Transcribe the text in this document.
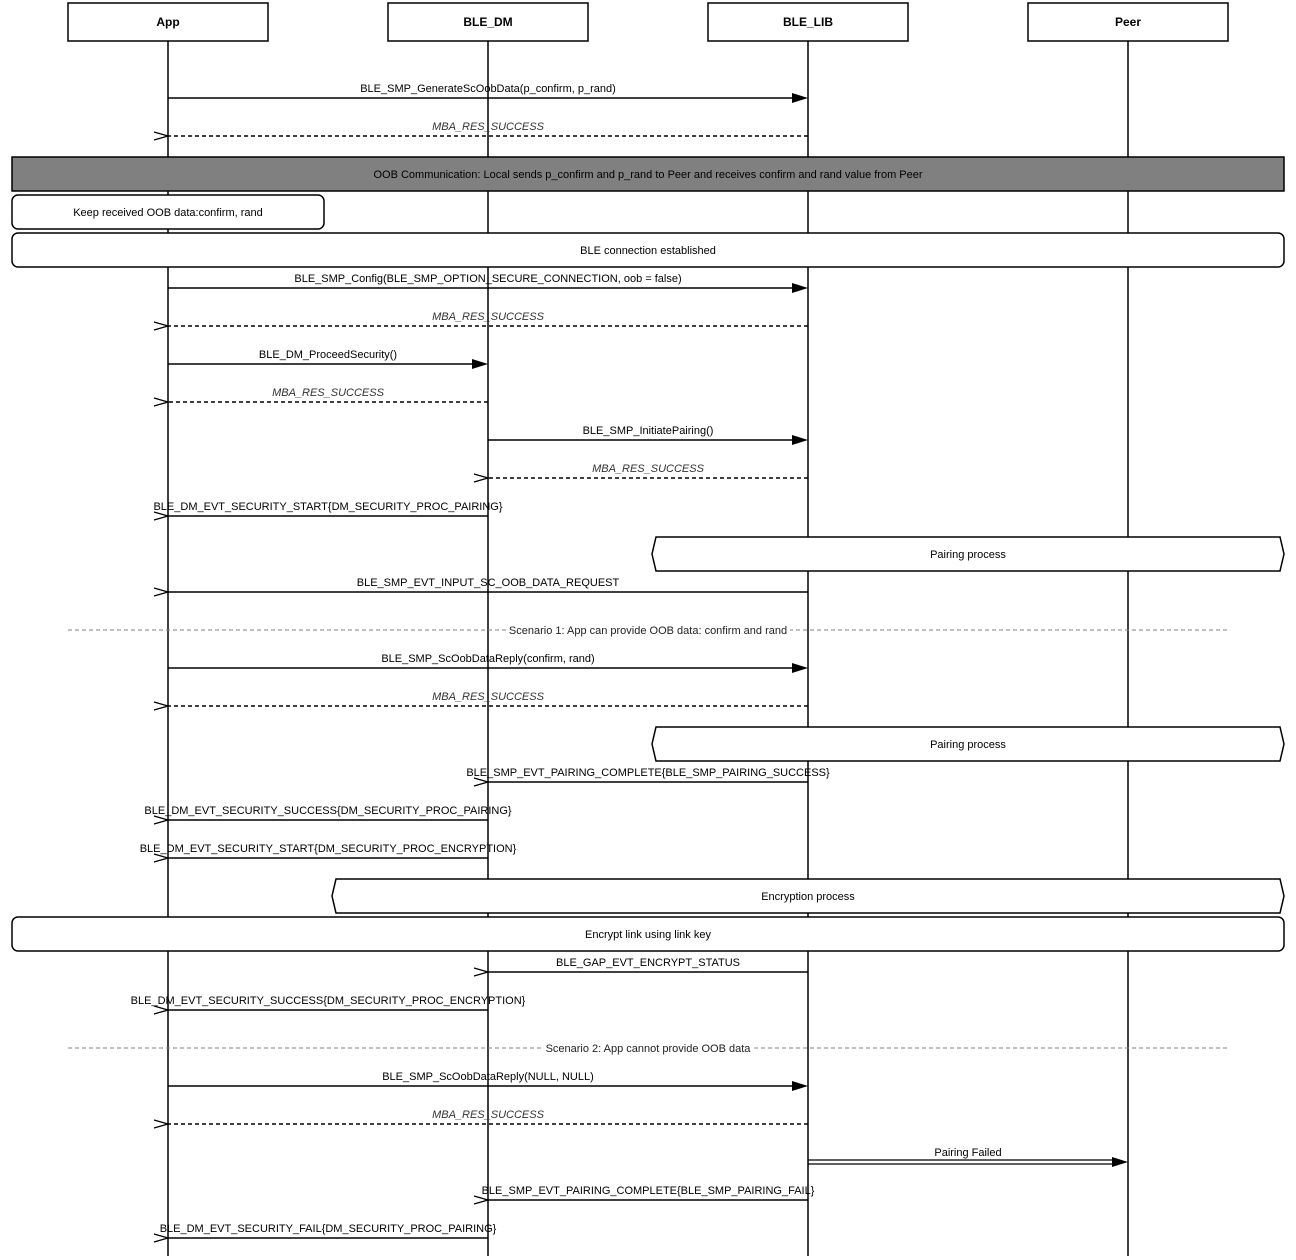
BLE_SMP_GenerateScOobData(p_confirm, p_rand)
MBA_RES_SUCCESS
OOB Communication: Local sends p_confirm and p_rand to Peer and receives confirm and rand value from Peer
Keep received OOB data:confirm, rand
BLE connection established
BLE_SMP_Config(BLE_SMP_OPTION_SECURE_CONNECTION, oob = false)
MBA_RES_SUCCESS
BLE_DM_ProceedSecurity()
MBA_RES_SUCCESS
BLE_SMP_InitiatePairing()
MBA_RES_SUCCESS
BLE_DM_EVT_SECURITY_START{DM_SECURITY_PROC_PAIRING}
Pairing process
BLE_SMP_EVT_INPUT_SC_OOB_DATA_REQUEST
Scenario 1: App can provide OOB data: confirm and rand
BLE_SMP_ScOobDataReply(confirm, rand)
MBA_RES_SUCCESS
Pairing process
BLE_SMP_EVT_PAIRING_COMPLETE{BLE_SMP_PAIRING_SUCCESS}
BLE_DM_EVT_SECURITY_SUCCESS{DM_SECURITY_PROC_PAIRING}
BLE_DM_EVT_SECURITY_START{DM_SECURITY_PROC_ENCRYPTION}
Encryption process
Encrypt link using link key
BLE_GAP_EVT_ENCRYPT_STATUS
BLE_DM_EVT_SECURITY_SUCCESS{DM_SECURITY_PROC_ENCRYPTION}
Scenario 2: App cannot provide OOB data
BLE_SMP_ScOobDataReply(NULL, NULL)
MBA_RES_SUCCESS
Pairing Failed
BLE_SMP_EVT_PAIRING_COMPLETE{BLE_SMP_PAIRING_FAIL}
BLE_DM_EVT_SECURITY_FAIL{DM_SECURITY_PROC_PAIRING}
App	BLE_DM	BLE_LIB	Peer
